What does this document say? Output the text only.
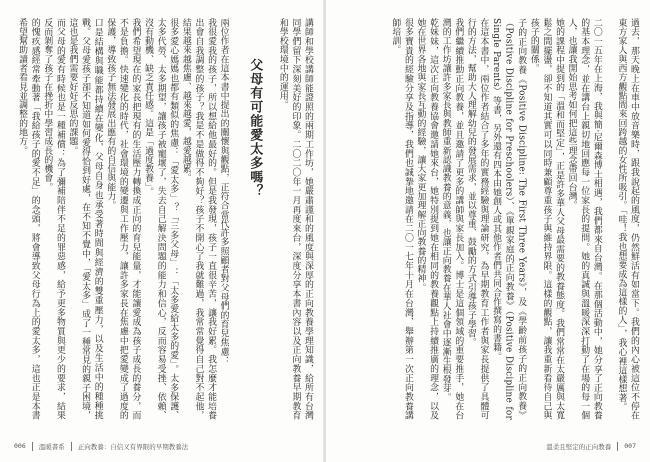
講師和學校講師能證照的兩期工作坊，她嚴肅謹和的風度與深厚的正向教養學理知識，給所有台灣同學們留下深刻美好的印象。二〇二〇年一月再度來台，深度分享本書內容以及正向教養早期教育和學校環境中的運用。

父母有可能愛太多嗎？

兩位作者在這本書中提出的關懷與觀點，正符合當代許多照顧者對父母們的育兒焦慮：

我很愛我的孩子，所以想給他最好的。但是我發現，孩子一直很辛苦，讓我好累。我怎麼才能培養出會自我調整的孩子？我是不是做得不夠好？孩子不開心了我就難過，我常常覺得自己對不起他，結果越來越焦慮、越來越愛，越愛越累。

很多愛心媽媽也都有類似的焦慮：「愛太多」？「三多父母」：「太多愛給太多的愛」。太多保護、太多代勞、太多期望，讓孩子被寵壞了，失去自己解決問題的能力和信心，反而容易受挫、依賴、沒有動機、缺乏責任感。這是「過度教養」。

我們希望現在的家長把現有的生活壓力轉換成正向的育兒能量，才能讓愛成為孩子成長的養分，而不是負擔。快速變化的時代，社會環境的變遷與工作壓力，讓許多家長在焦慮中把愛變成了過度的保護，導致孩子無法發展出應有的自信與能力。

口是結構與職能都持續在變化，父母自身也承受著時間與經濟的雙重壓力，以及生活中的種種挑戰。父母愛孩子卻不知道如何愛得恰到好處，在不知不覺中，「愛太多」成了一種常見的親子困境，這也是我們需要好好反思的課題。

而父母的愛有時候也是一種補償：為了彌補陪伴不足的罪惡感，給予更多物質與更少的要求，結果反而剝奪了孩子在挫折中學習成長的機會。

的愧疚感經常牽動著「我給孩子的愛不足」的念頭，將會導致父母行為上的愛太多，這也正是本書希望幫助讀者看見並調整的地方。

006 溫暖書系 正向教養：自信又有界限的早期教養法

過去，那天晚上在車中放音樂時，跟我說起的風度，仍然鮮活有如當下。我們的內心被這位不停在東方家人與西方觀點間來回跨越的女性所吸引。「哇！我也想要成為這樣的人」，我心裡這樣想著。

二〇一五年在上海，我與簡·尼爾森博士相遇，我們都來自台灣。在那個活動中，她分享了正向教養的基本理念，並在講台上親切地回應每一位家長的提問。她的真誠與溫暖深深打動了在場的每一個人，也讓我開始思考如何把這些理念帶回台灣。

她的課程中提到的「溫和而堅定」，正是許多華人父母最需要的教養態度。我們常常在太嚴厲與太寬鬆之間擺盪，卻不知道其實可以同時兼顧尊重孩子與維持界限。這樣的觀點，讓我重新看待自己與孩子的關係。

子的正向教養《Positive Discipline: The First Three Years》，及《學齡前孩子的正向教養》（Positive Discipline for Preschoolers）、《單親家庭的正向教養》（Positive Discipline for Single Parents）等書，另外還有四本由她創人或其他作者們共同合作撰寫的書籍。

在這本書中，兩位作者結合了多年的實務經驗與理論研究，為早期教育工作者與家長提供了具體可行的方法，幫助大人理解幼兒的發展需求，並以尊重、鼓勵的方式引導孩子學習。

我們繼續推動正向教養，並且邀請了更多的講師與家長加入。博士是這個領域的重要推手，她在台灣的工作坊讓許多家長與教師重新認識教養的意義，也讓正向教養在華人社會中逐漸生根發芽。

乾妹妹，這次正向教養協會邀請她來台，她特別提到她在相同的教養觀點上持續推廣的理念，以及她在世界各地與家長互動的經驗，讓大家更加理解正向教養的精神。

很多寶貴的經驗分享及指導，我們也誠摯地邀請在二〇一七年十月在台灣，舉辦第一次正向教養講師培訓。

溫柔且堅定的正向教養 007
